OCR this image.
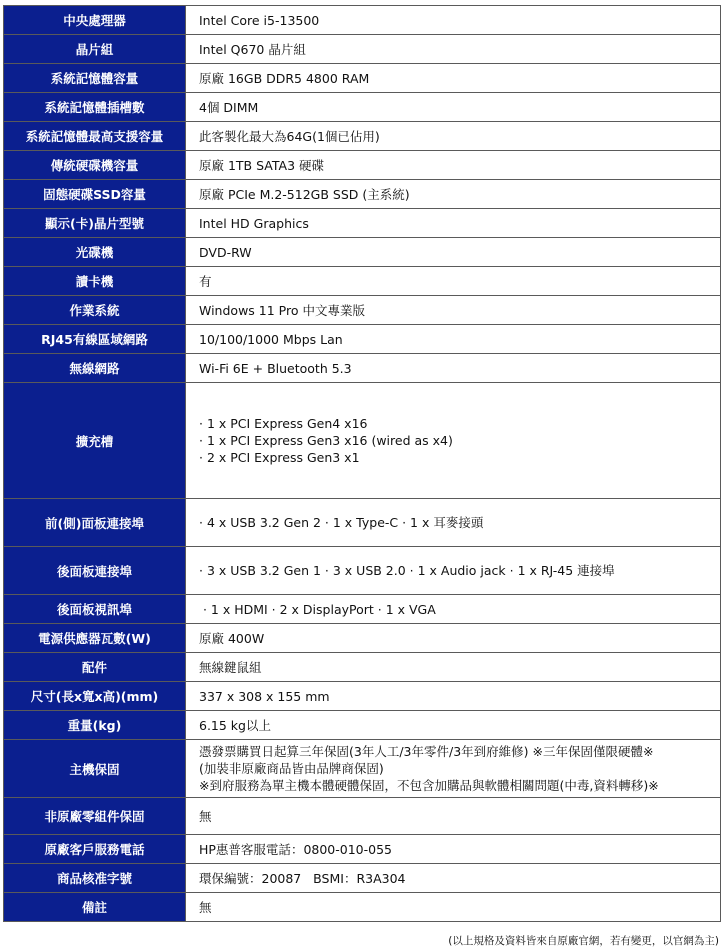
中央處理器	Intel Core i5-13500
晶片組	Intel Q670 晶片組
系統記憶體容量	原廠 16GB DDR5 4800 RAM
系統記憶體插槽數	4個 DIMM
系統記憶體最高支援容量	此客製化最大為64G(1個已佔用)
傳統硬碟機容量	原廠 1TB SATA3 硬碟
固態硬碟SSD容量	原廠 PCIe M.2-512GB SSD (主系統)
顯示(卡)晶片型號	Intel HD Graphics
光碟機	DVD-RW
讀卡機	有
作業系統	Windows 11 Pro 中文專業版
RJ45有線區域網路	10/100/1000 Mbps Lan
無線網路	Wi-Fi 6E + Bluetooth 5.3
擴充槽	· 1 x PCI Express Gen4 x16
· 1 x PCI Express Gen3 x16 (wired as x4)
· 2 x PCI Express Gen3 x1

前(側)面板連接埠	· 4 x USB 3.2 Gen 2 · 1 x Type-C · 1 x 耳麥接頭
後面板連接埠	· 3 x USB 3.2 Gen 1 · 3 x USB 2.0 · 1 x Audio jack · 1 x RJ-45 連接埠
後面板視訊埠	· 1 x HDMI · 2 x DisplayPort · 1 x VGA
電源供應器瓦數(W)	原廠 400W
配件	無線鍵鼠組
尺寸(長x寬x高)(mm)	337 x 308 x 155 mm
重量(kg)	6.15 kg以上
主機保固	憑發票購買日起算三年保固(3年人工/3年零件/3年到府維修) ※三年保固僅限硬體※
(加裝非原廠商品皆由品牌商保固)
※到府服務為單主機本體硬體保固，不包含加購品與軟體相關問題(中毒,資料轉移)※

非原廠零組件保固	無
原廠客戶服務電話	HP惠普客服電話：0800-010-055
商品核准字號	環保編號：20087   BSMI：R3A304
備註	無
(以上規格及資料皆來自原廠官網，若有變更，以官網為主)
